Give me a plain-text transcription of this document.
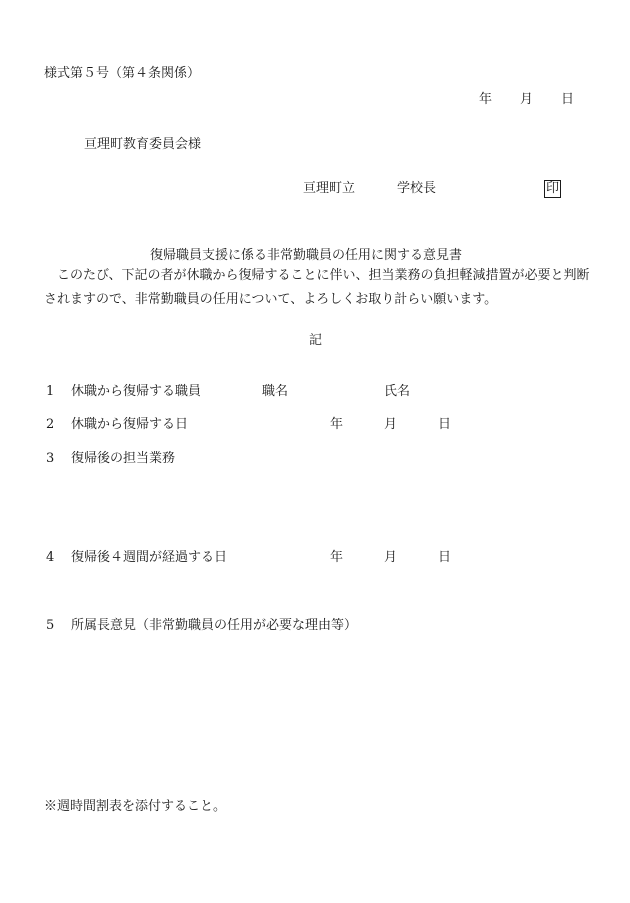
様式第５号（第４条関係）
年 月 日
亘理町教育委員会様
亘理町立	学校長	印
復帰職員支援に係る非常勤職員の任用に関する意見書
このたび、下記の者が休職から復帰することに伴い、担当業務の負担軽減措置が必要と判断されますので、非常勤職員の任用について、よろしくお取り計らい願います。
記
1 休職から復帰する職員	職名	氏名
2 休職から復帰する日	年	月	日
3 復帰後の担当業務
4 復帰後４週間が経過する日	年	月	日
5 所属長意見（非常勤職員の任用が必要な理由等）
※週時間割表を添付すること。
